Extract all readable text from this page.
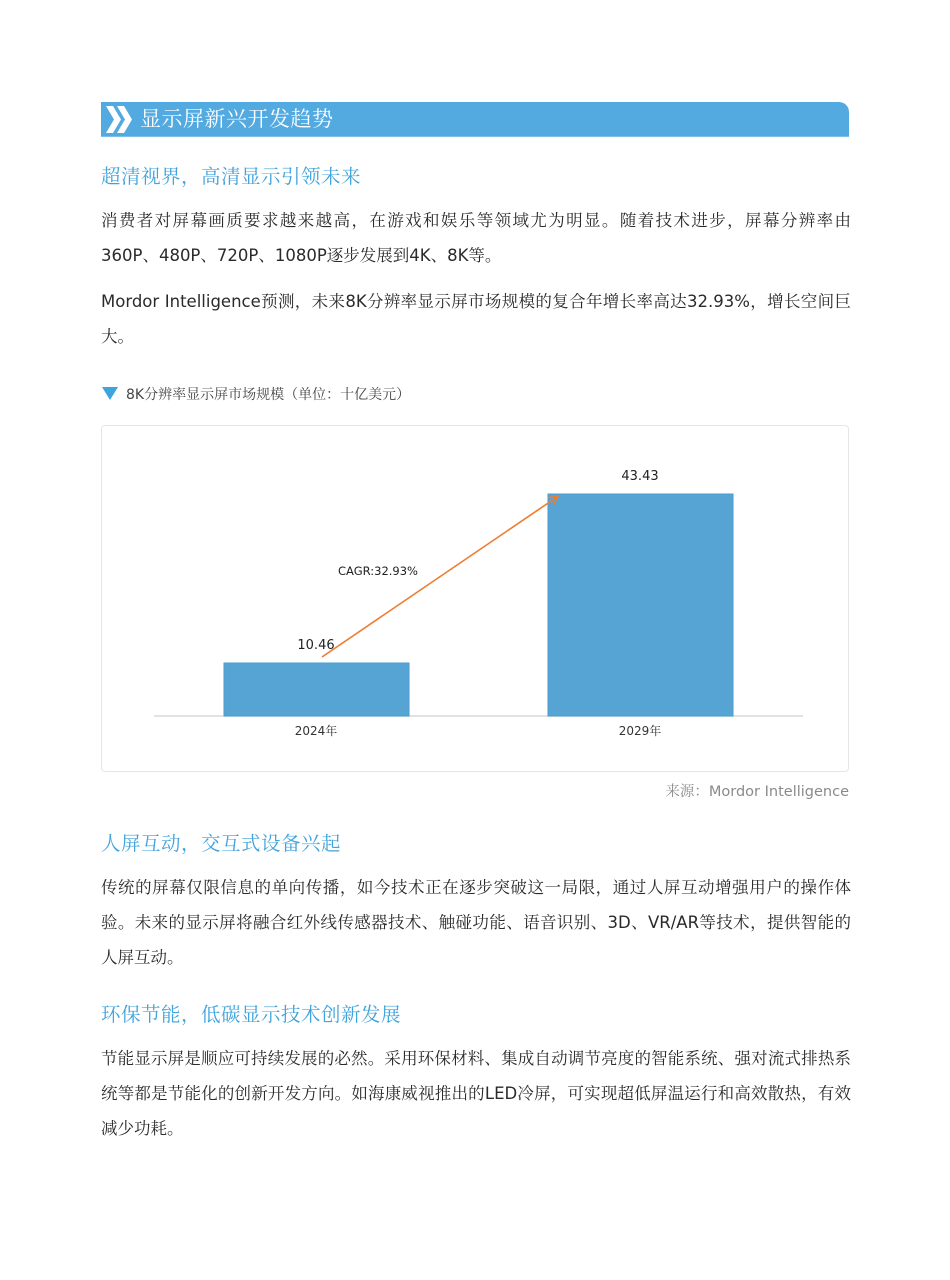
显示屏新兴开发趋势
超清视界，高清显示引领未来

消费者对屏幕画质要求越来越高，在游戏和娱乐等领域尤为明显。随着技术进步，屏幕分辨率由360P、480P、720P、1080P逐步发展到4K、8K等。

Mordor Intelligence预测，未来8K分辨率显示屏市场规模的复合年增长率高达32.93%，增长空间巨大。

8K分辨率显示屏市场规模（单位：十亿美元）
10.46
43.43
2024年	2029年
CAGR:32.93%
来源：Mordor Intelligence
人屏互动，交互式设备兴起

传统的屏幕仅限信息的单向传播，如今技术正在逐步突破这一局限，通过人屏互动增强用户的操作体验。未来的显示屏将融合红外线传感器技术、触碰功能、语音识别、3D、VR/AR等技术，提供智能的人屏互动。

环保节能，低碳显示技术创新发展

节能显示屏是顺应可持续发展的必然。采用环保材料、集成自动调节亮度的智能系统、强对流式排热系统等都是节能化的创新开发方向。如海康威视推出的LED冷屏，可实现超低屏温运行和高效散热，有效减少功耗。
